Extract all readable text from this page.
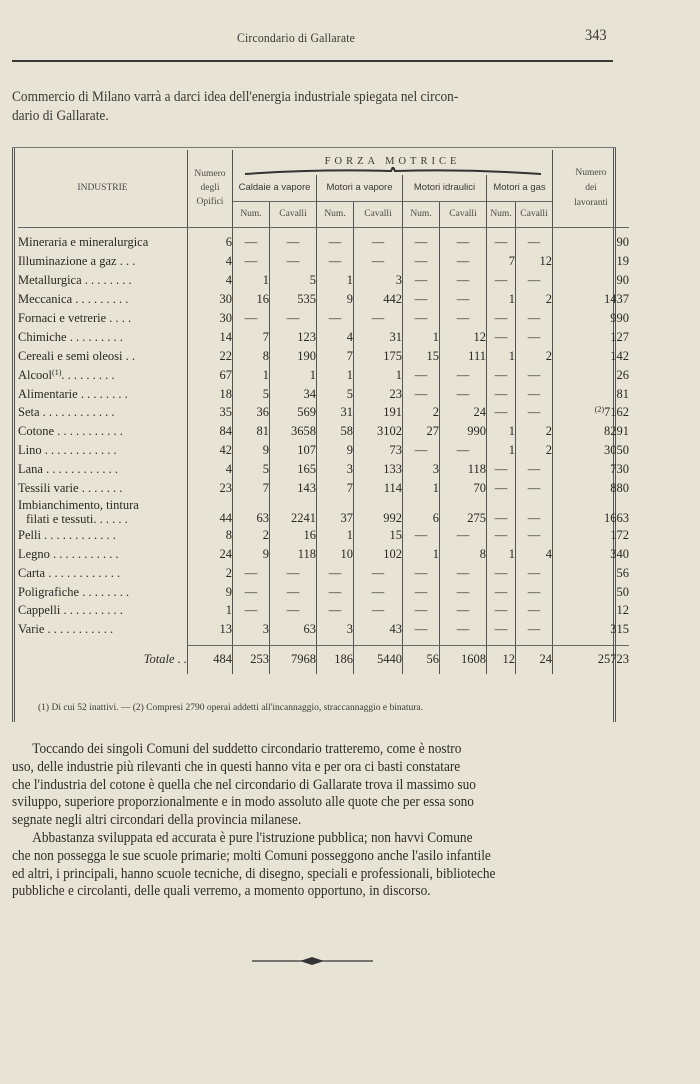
Circondario di Gallarate	343
Commercio di Milano varrà a darci idea dell'energia industriale spiegata nel circon-
dario di Gallarate.
INDUSTRIE	
Numero
degli
Opifici

FORZA MOTRICE

Numero
dei
lavoranti

		Caldaie a vapore		Motori a vapore		Motori idraulici		Motori a gas		
		Num.	Cavalli	Num.	Cavalli	Num.	Cavalli	Num.	Cavalli	
Mineraria e mineralurgica	6	—	—	—	—	—	—	—	—	90
Illuminazione a gaz . . .	4	—	—	—	—	—	—	7	12	19
Metallurgica . . . . . . . .	4	1	5	1	3	—	—	—	—	90
Meccanica . . . . . . . . .	30	16	535	9	442	—	—	1	2	1437
Fornaci e vetrerie . . . .	30	—	—	—	—	—	—	—	—	990
Chimiche . . . . . . . . .	14	7	123	4	31	1	12	—	—	127
Cereali e semi oleosi . .	22	8	190	7	175	15	111	1	2	142
Alcool$^{(1)}$. . . . . . . . .	67	1	1	1	1	—	—	—	—	26
Alimentarie . . . . . . . .	18	5	34	5	23	—	—	—	—	81
Seta . . . . . . . . . . . .	35	36	569	31	191	2	24	—	—	$^{(2)}$7162
Cotone . . . . . . . . . . .	84	81	3658	58	3102	27	990	1	2	8291
Lino . . . . . . . . . . . .	42	9	107	9	73	—	—	1	2	3050
Lana . . . . . . . . . . . .	4	5	165	3	133	3	118	—	—	730
Tessili varie . . . . . . .	23	7	143	7	114	1	70	—	—	880

Imbianchimento, tintura
filati e tessuti. . . . . .	44	63	2241	37	992	6	275	—	—	1663
Pelli . . . . . . . . . . . .	8	2	16	1	15	—	—	—	—	172
Legno . . . . . . . . . . .	24	9	118	10	102	1	8	1	4	340
Carta . . . . . . . . . . . .	2	—	—	—	—	—	—	—	—	56
Poligrafiche . . . . . . . .	9	—	—	—	—	—	—	—	—	50
Cappelli . . . . . . . . . .	1	—	—	—	—	—	—	—	—	12
Varie . . . . . . . . . . .	13	3	63	3	43	—	—	—	—	315

Totale . .	484	253	7968	186	5440	56	1608	12	24	25723
(1) Di cui 52 inattivi. — (2) Compresi 2790 operai addetti all'incannaggio, straccannaggio e binatura.

Toccando dei singoli Comuni del suddetto circondario tratteremo, come è nostro

uso, delle industrie più rilevanti che in questi hanno vita e per ora ci basti constatare

che l'industria del cotone è quella che nel circondario di Gallarate trova il massimo suo

sviluppo, superiore proporzionalmente e in modo assoluto alle quote che per essa sono

segnate negli altri circondari della provincia milanese.

Abbastanza sviluppata ed accurata è pure l'istruzione pubblica; non havvi Comune

che non possegga le sue scuole primarie; molti Comuni posseggono anche l'asilo infantile

ed altri, i principali, hanno scuole tecniche, di disegno, speciali e professionali, biblioteche

pubbliche e circolanti, delle quali verremo, a momento opportuno, in discorso.
